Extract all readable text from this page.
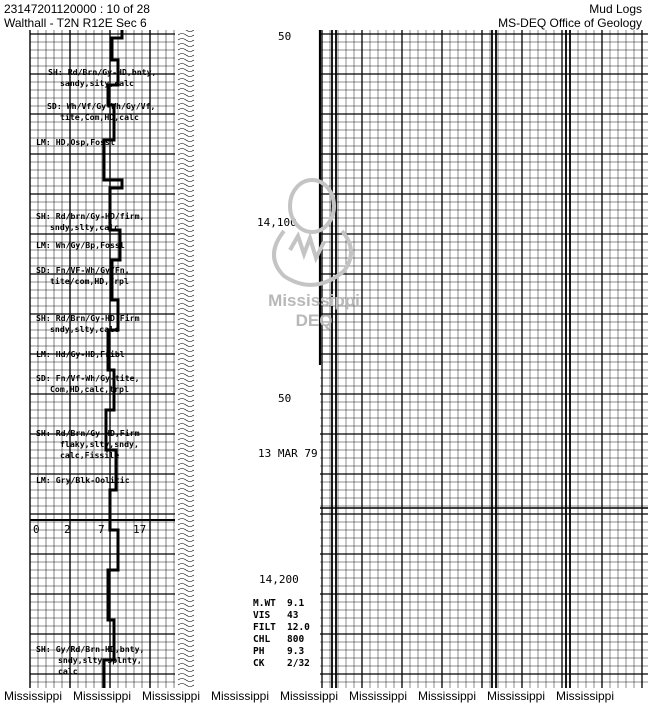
23147201120000 : 10 of 28
Walthall - T2N R12E Sec 6
Mud Logs
MS-DEQ Office of Geology
50
14,100
50
14,200
13 MAR 79
0 2 7	17
SH: Rd/Brn/Gy-HD,bnty,
sandy,sity,calc
SD: Wh/Vf/Gy-Wh/Gy/Vf,
tite,Com,HD,calc
LM: HD,Osp,Fossl
SH: Rd/brn/Gy-HD/firm,
sndy,slty,calc
LM: Wh/Gy/Bp,Fossl
SD: Fn/VF-Wh/Gy/Fn,
tite/com,HD,Trpl
SH: Rd/Brn/Gy-HD,Firm
sndy,slty,calc
LM: Hd/Gy-HD,Fribl
SD: Fn/Vf-Wh/Gy-tite,
Com,HD,calc,trpl
SH: Rd/Brn/Gy-HD,Firm
flaky,slty,sndy,
calc,Fissile
LM: Gry/Blk-Oolitic
SH: Gy/Rd/Brn-HD,bnty,
sndy,slty,splnty,
calc
M.WT 9.1
VIS 43
FILT 12.0
CHL 800
PH 9.3
CK 2/32
Mississippi
DEQ
Mississippi Mississippi Mississippi Mississippi Mississippi Mississippi Mississippi Mississippi Mississippi
